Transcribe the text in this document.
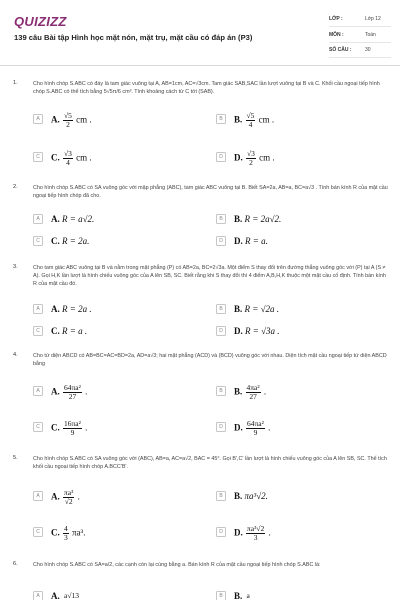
QUIZIZZ
139 câu Bài tập Hình học mặt nón, mặt trụ, mặt cầu có đáp án (P3)
LỚP :	Lớp 12
MÔN :	Toán
SỐ CÂU :	30
1.	Cho hình chóp S.ABC có đáy là tam giác vuông tại A, AB=1cm, AC=√3cm. Tam giác SAB,SAC lần lượt vuông tại B và C. Khối cầu ngoại tiếp hình chóp S.ABC có thể tích bằng 5√5π/6 cm³. Tính khoảng cách từ C tới (SAB).
A	A. $\frac{√5}{2}$ cm .	B	B. $\frac{√5}{4}$ cm .
C	C. $\frac{√3}{4}$ cm .	D	D. $\frac{√3}{2}$ cm .
2.	Cho hình chóp S.ABC có SA vuông góc với mặp phẳng (ABC), tam giác ABC vuông tại B. Biết SA=2a, AB=a, BC=a√3 . Tính bán kính R của mặt cầu ngoại tiếp hình chóp đã cho.
A	A. R = a√2.	B	B. R = 2a√2.
C	C. R = 2a.	D	D. R = a.
3.	Cho tam giác ABC vuông tại B và nằm trong mặt phẳng (P) có AB=2a, BC=2√3a. Một điểm S thay đổi trên đường thẳng vuông góc với (P) tại A (S ≠ A). Gọi H,K lần lượt là hình chiếu vuông góc của A lên SB, SC. Biết rằng khi S thay đổi thì 4 điểm A,B,H,K thuộc một mặt cầu cố định. Tính bán kính R của mặt cầu đó.
A	A. R = 2a .	B	B. R = √2a .
C	C. R = a .	D	D. R = √3a .
4.	Cho tứ diện ABCD có AB=BC=AC=BD=2a, AD=a√3; hai mặt phẳng (ACD) và (BCD) vuông góc với nhau. Diện tích mặt cầu ngoại tiếp tứ diện ABCD bằng
A	A. $\frac{\text{64πa²}}{27}$ .	B	B. $\frac{\text{4πa²}}{27}$ .
C	C. $\frac{\text{16πa²}}{9}$ .	D	D. $\frac{\text{64πa²}}{9}$ .
5.	Cho hình chóp S.ABC có SA vuông góc với (ABC), AB=a, AC=a√2, BAC = 45°. Gọi B',C' lần lượt là hình chiếu vuông góc của A lên SB, SC. Thể tích khối cầu ngoại tiếp hình chóp A.BCC'B'.
A	A. $\frac{\text{πa³}}{√2}$ .	B	B. πa³√2.
C	C. $\frac{4}{3} \pi a^3$.	D	D. $\frac{\text{πa³√2}}{3}$ .
6.	Cho hình chóp S.ABC có SA=a/2, các cạnh còn lại cùng bằng a. Bán kính R của mặt cầu ngoại tiếp hình chóp S.ABC là:
A	A. a√13	B	B. a
